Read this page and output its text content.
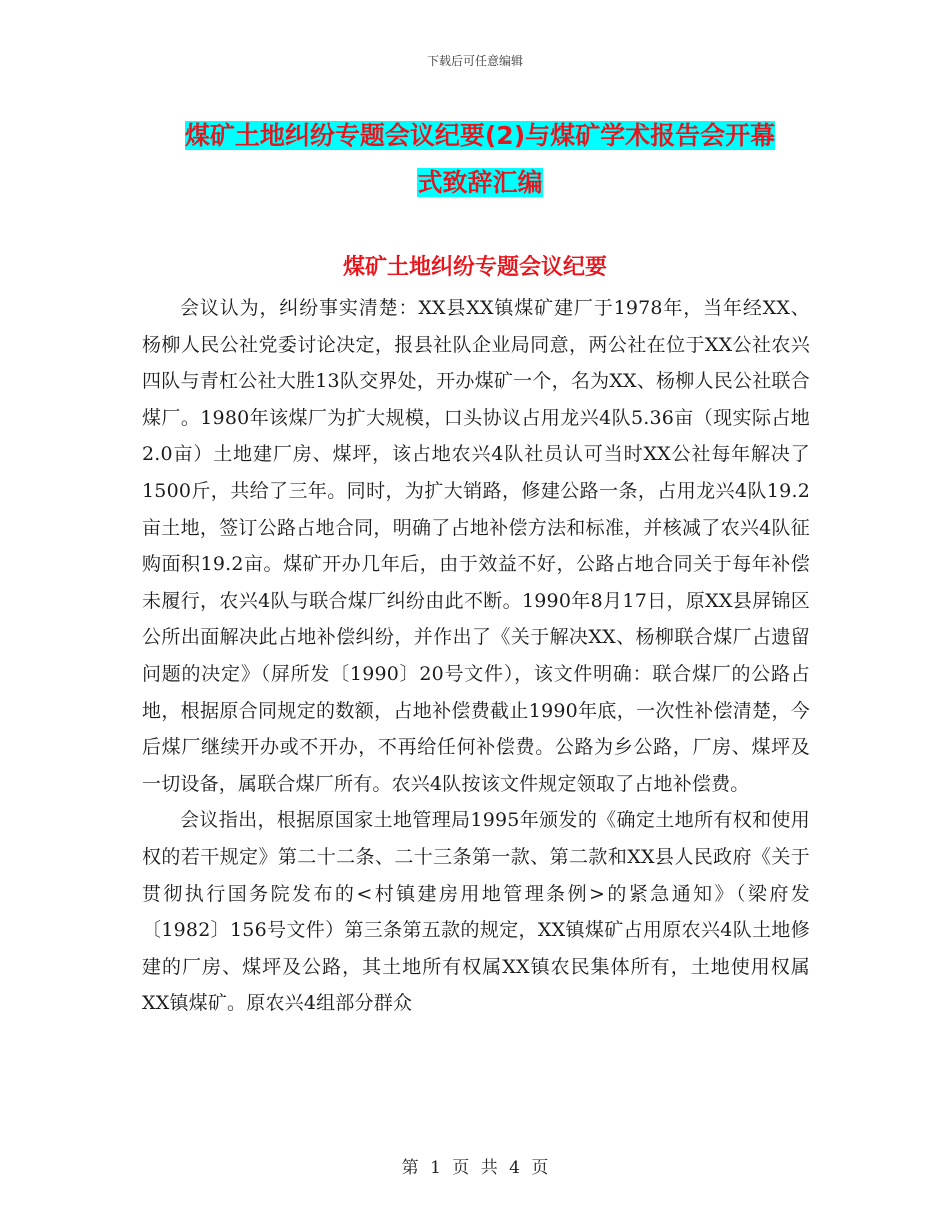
下载后可任意编辑
煤矿土地纠纷专题会议纪要(2)与煤矿学术报告会开幕
式致辞汇编
煤矿土地纠纷专题会议纪要

会议认为，纠纷事实清楚：XX县XX镇煤矿建厂于1978年，当年经XX、杨柳人民公社党委讨论决定，报县社队企业局同意，两公社在位于XX公社农兴四队与青杠公社大胜13队交界处，开办煤矿一个，名为XX、杨柳人民公社联合煤厂。1980年该煤厂为扩大规模，口头协议占用龙兴4队5.36亩（现实际占地2.0亩）土地建厂房、煤坪，该占地农兴4队社员认可当时XX公社每年解决了1500斤，共给了三年。同时，为扩大销路，修建公路一条，占用龙兴4队19.2亩土地，签订公路占地合同，明确了占地补偿方法和标准，并核减了农兴4队征购面积19.2亩。煤矿开办几年后，由于效益不好，公路占地合同关于每年补偿未履行，农兴4队与联合煤厂纠纷由此不断。1990年8月17日，原XX县屏锦区公所出面解决此占地补偿纠纷，并作出了《关于解决XX、杨柳联合煤厂占遗留问题的决定》（屏所发〔1990〕20号文件），该文件明确：联合煤厂的公路占地，根据原合同规定的数额，占地补偿费截止1990年底，一次性补偿清楚，今后煤厂继续开办或不开办，不再给任何补偿费。公路为乡公路，厂房、煤坪及一切设备，属联合煤厂所有。农兴4队按该文件规定领取了占地补偿费。

会议指出，根据原国家土地管理局1995年颁发的《确定土地所有权和使用权的若干规定》第二十二条、二十三条第一款、第二款和XX县人民政府《关于贯彻执行国务院发布的<村镇建房用地管理条例>的紧急通知》（梁府发〔1982〕156号文件）第三条第五款的规定，XX镇煤矿占用原农兴4队土地修建的厂房、煤坪及公路，其土地所有权属XX镇农民集体所有，土地使用权属XX镇煤矿。原农兴4组部分群众

第 1 页 共 4 页
